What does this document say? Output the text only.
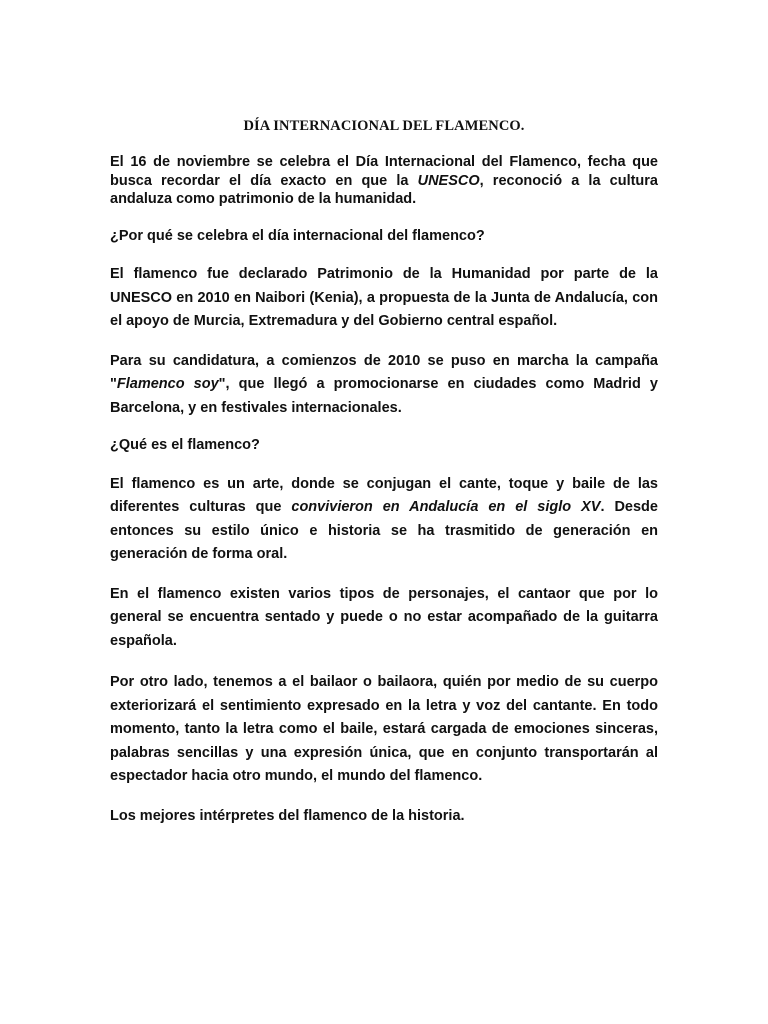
DÍA INTERNACIONAL DEL FLAMENCO.

El 16 de noviembre se celebra el Día Internacional del Flamenco, fecha que busca recordar el día exacto en que la UNESCO, reconoció a la cultura andaluza como patrimonio de la humanidad.

¿Por qué se celebra el día internacional del flamenco?

El flamenco fue declarado Patrimonio de la Humanidad por parte de la UNESCO en 2010 en Naibori (Kenia), a propuesta de la Junta de Andalucía, con el apoyo de Murcia, Extremadura y del Gobierno central español.

Para su candidatura, a comienzos de 2010 se puso en marcha la campaña "Flamenco soy", que llegó a promocionarse en ciudades como Madrid y Barcelona, y en festivales internacionales.

¿Qué es el flamenco?

El flamenco es un arte, donde se conjugan el cante, toque y baile de las diferentes culturas que convivieron en Andalucía en el siglo XV. Desde entonces su estilo único e historia se ha trasmitido de generación en generación de forma oral.

En el flamenco existen varios tipos de personajes, el cantaor que por lo general se encuentra sentado y puede o no estar acompañado de la guitarra española.

Por otro lado, tenemos a el bailaor o bailaora, quién por medio de su cuerpo exteriorizará el sentimiento expresado en la letra y voz del cantante. En todo momento, tanto la letra como el baile, estará cargada de emociones sinceras, palabras sencillas y una expresión única, que en conjunto transportarán al espectador hacia otro mundo, el mundo del flamenco.

Los mejores intérpretes del flamenco de la historia.
